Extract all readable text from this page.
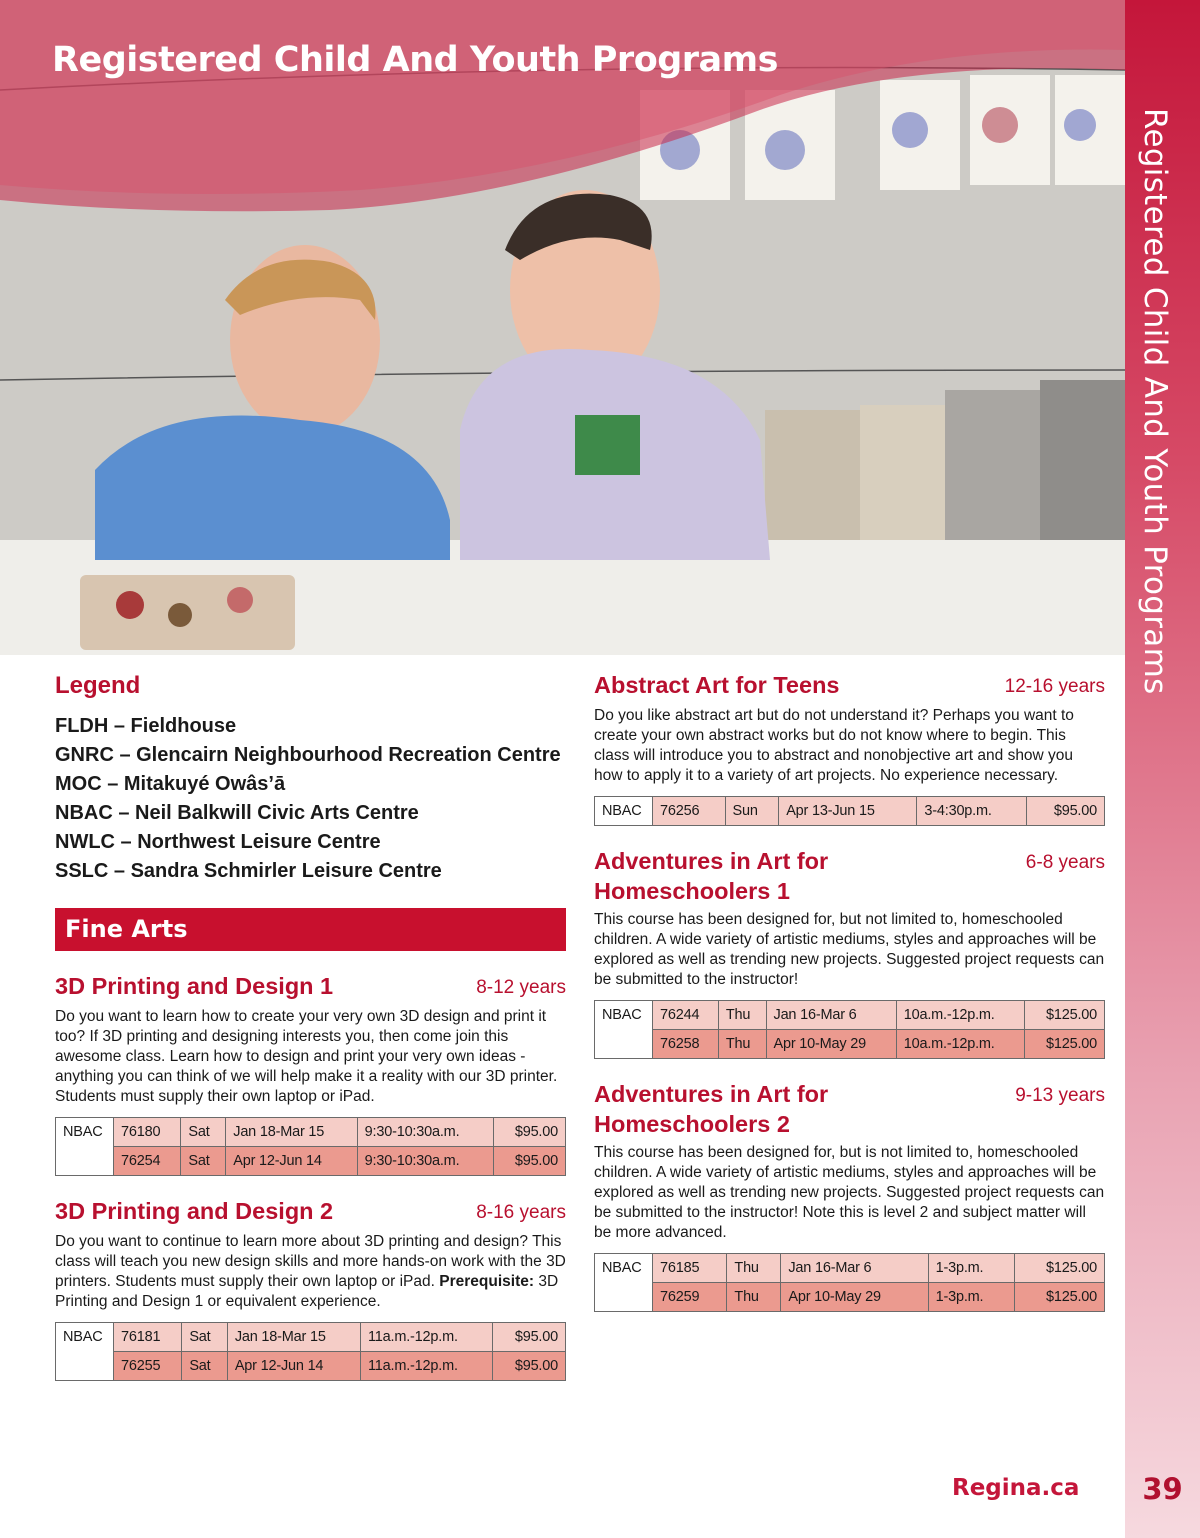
Registered Child And Youth Programs
Registered Child And Youth Programs
Legend
FLDH – Fieldhouse
GNRC – Glencairn Neighbourhood Recreation Centre
MOC – Mitakuyé Owâs’ā
NBAC – Neil Balkwill Civic Arts Centre
NWLC – Northwest Leisure Centre
SSLC – Sandra Schmirler Leisure Centre
Fine Arts
3D Printing and Design 1	8-12 years
Do you want to learn how to create your very own 3D design and print it too? If 3D printing and designing interests you, then come join this awesome class. Learn how to design and print your very own ideas - anything you can think of we will help make it a reality with our 3D printer. Students must supply their own laptop or iPad.
NBAC	76180	Sat	Jan 18-Mar 15	9:30-10:30a.m.	$95.00
	76254	Sat	Apr 12-Jun 14	9:30-10:30a.m.	$95.00
3D Printing and Design 2	8-16 years
Do you want to continue to learn more about 3D printing and design? This class will teach you new design skills and more hands-on work with the 3D printers. Students must supply their own laptop or iPad. Prerequisite: 3D Printing and Design 1 or equivalent experience.
NBAC	76181	Sat	Jan 18-Mar 15	11a.m.-12p.m.	$95.00
	76255	Sat	Apr 12-Jun 14	11a.m.-12p.m.	$95.00
Abstract Art for Teens	12-16 years
Do you like abstract art but do not understand it? Perhaps you want to create your own abstract works but do not know where to begin. This class will introduce you to abstract and nonobjective art and show you how to apply it to a variety of art projects. No experience necessary.
NBAC	76256	Sun	Apr 13-Jun 15	3-4:30p.m.	$95.00
Adventures in Art for
Homeschoolers 1
6-8 years
This course has been designed for, but not limited to, homeschooled children. A wide variety of artistic mediums, styles and approaches will be explored as well as trending new projects. Suggested project requests can be submitted to the instructor!
NBAC	76244	Thu	Jan 16-Mar 6	10a.m.-12p.m.	$125.00
	76258	Thu	Apr 10-May 29	10a.m.-12p.m.	$125.00
Adventures in Art for
Homeschoolers 2
9-13 years
This course has been designed for, but is not limited to, homeschooled children. A wide variety of artistic mediums, styles and approaches will be explored as well as trending new projects. Suggested project requests can be submitted to the instructor! Note this is level 2 and subject matter will be more advanced.
NBAC	76185	Thu	Jan 16-Mar 6	1-3p.m.	$125.00
	76259	Thu	Apr 10-May 29	1-3p.m.	$125.00
Regina.ca	39
